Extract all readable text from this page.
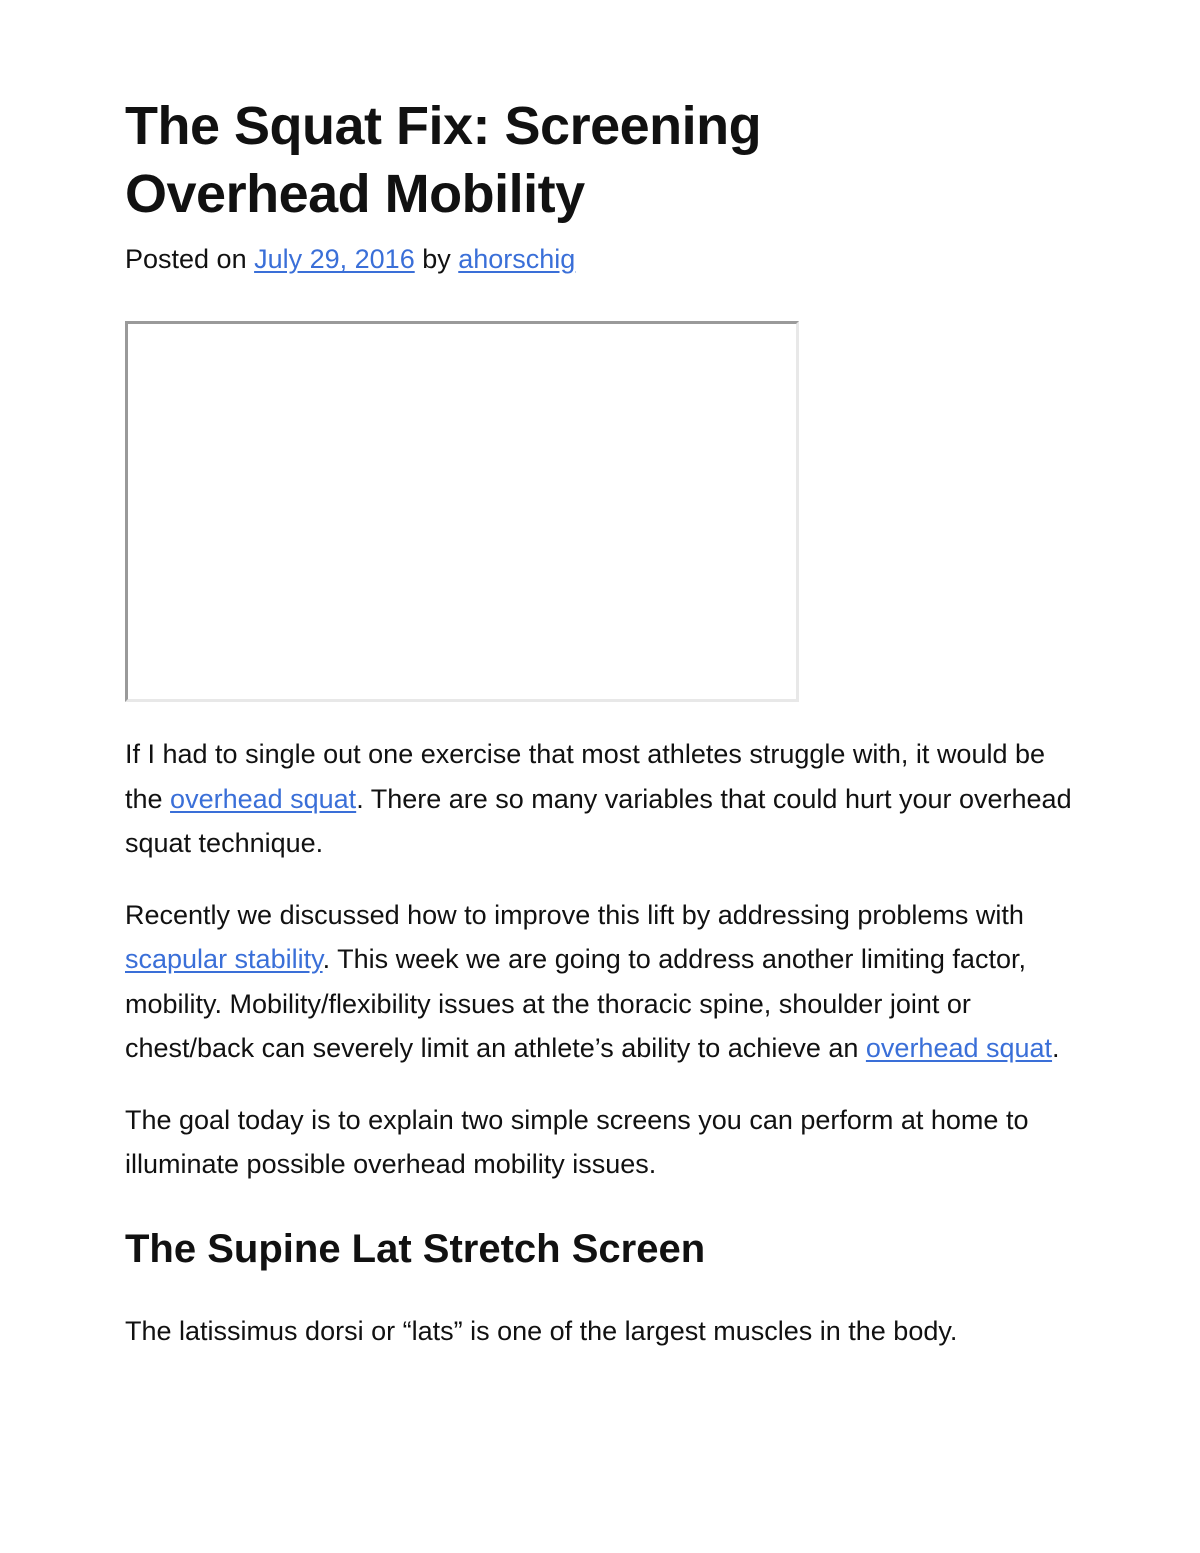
The Squat Fix: Screening Overhead Mobility
Posted on July 29, 2016 by ahorschig

If I had to single out one exercise that most athletes struggle with, it would be the overhead squat. There are so many variables that could hurt your overhead squat technique.

Recently we discussed how to improve this lift by addressing problems with scapular stability. This week we are going to address another limiting factor, mobility. Mobility/flexibility issues at the thoracic spine, shoulder joint or chest/back can severely limit an athlete’s ability to achieve an overhead squat.

The goal today is to explain two simple screens you can perform at home to illuminate possible overhead mobility issues.

The Supine Lat Stretch Screen

The latissimus dorsi or “lats” is one of the largest muscles in the body.
